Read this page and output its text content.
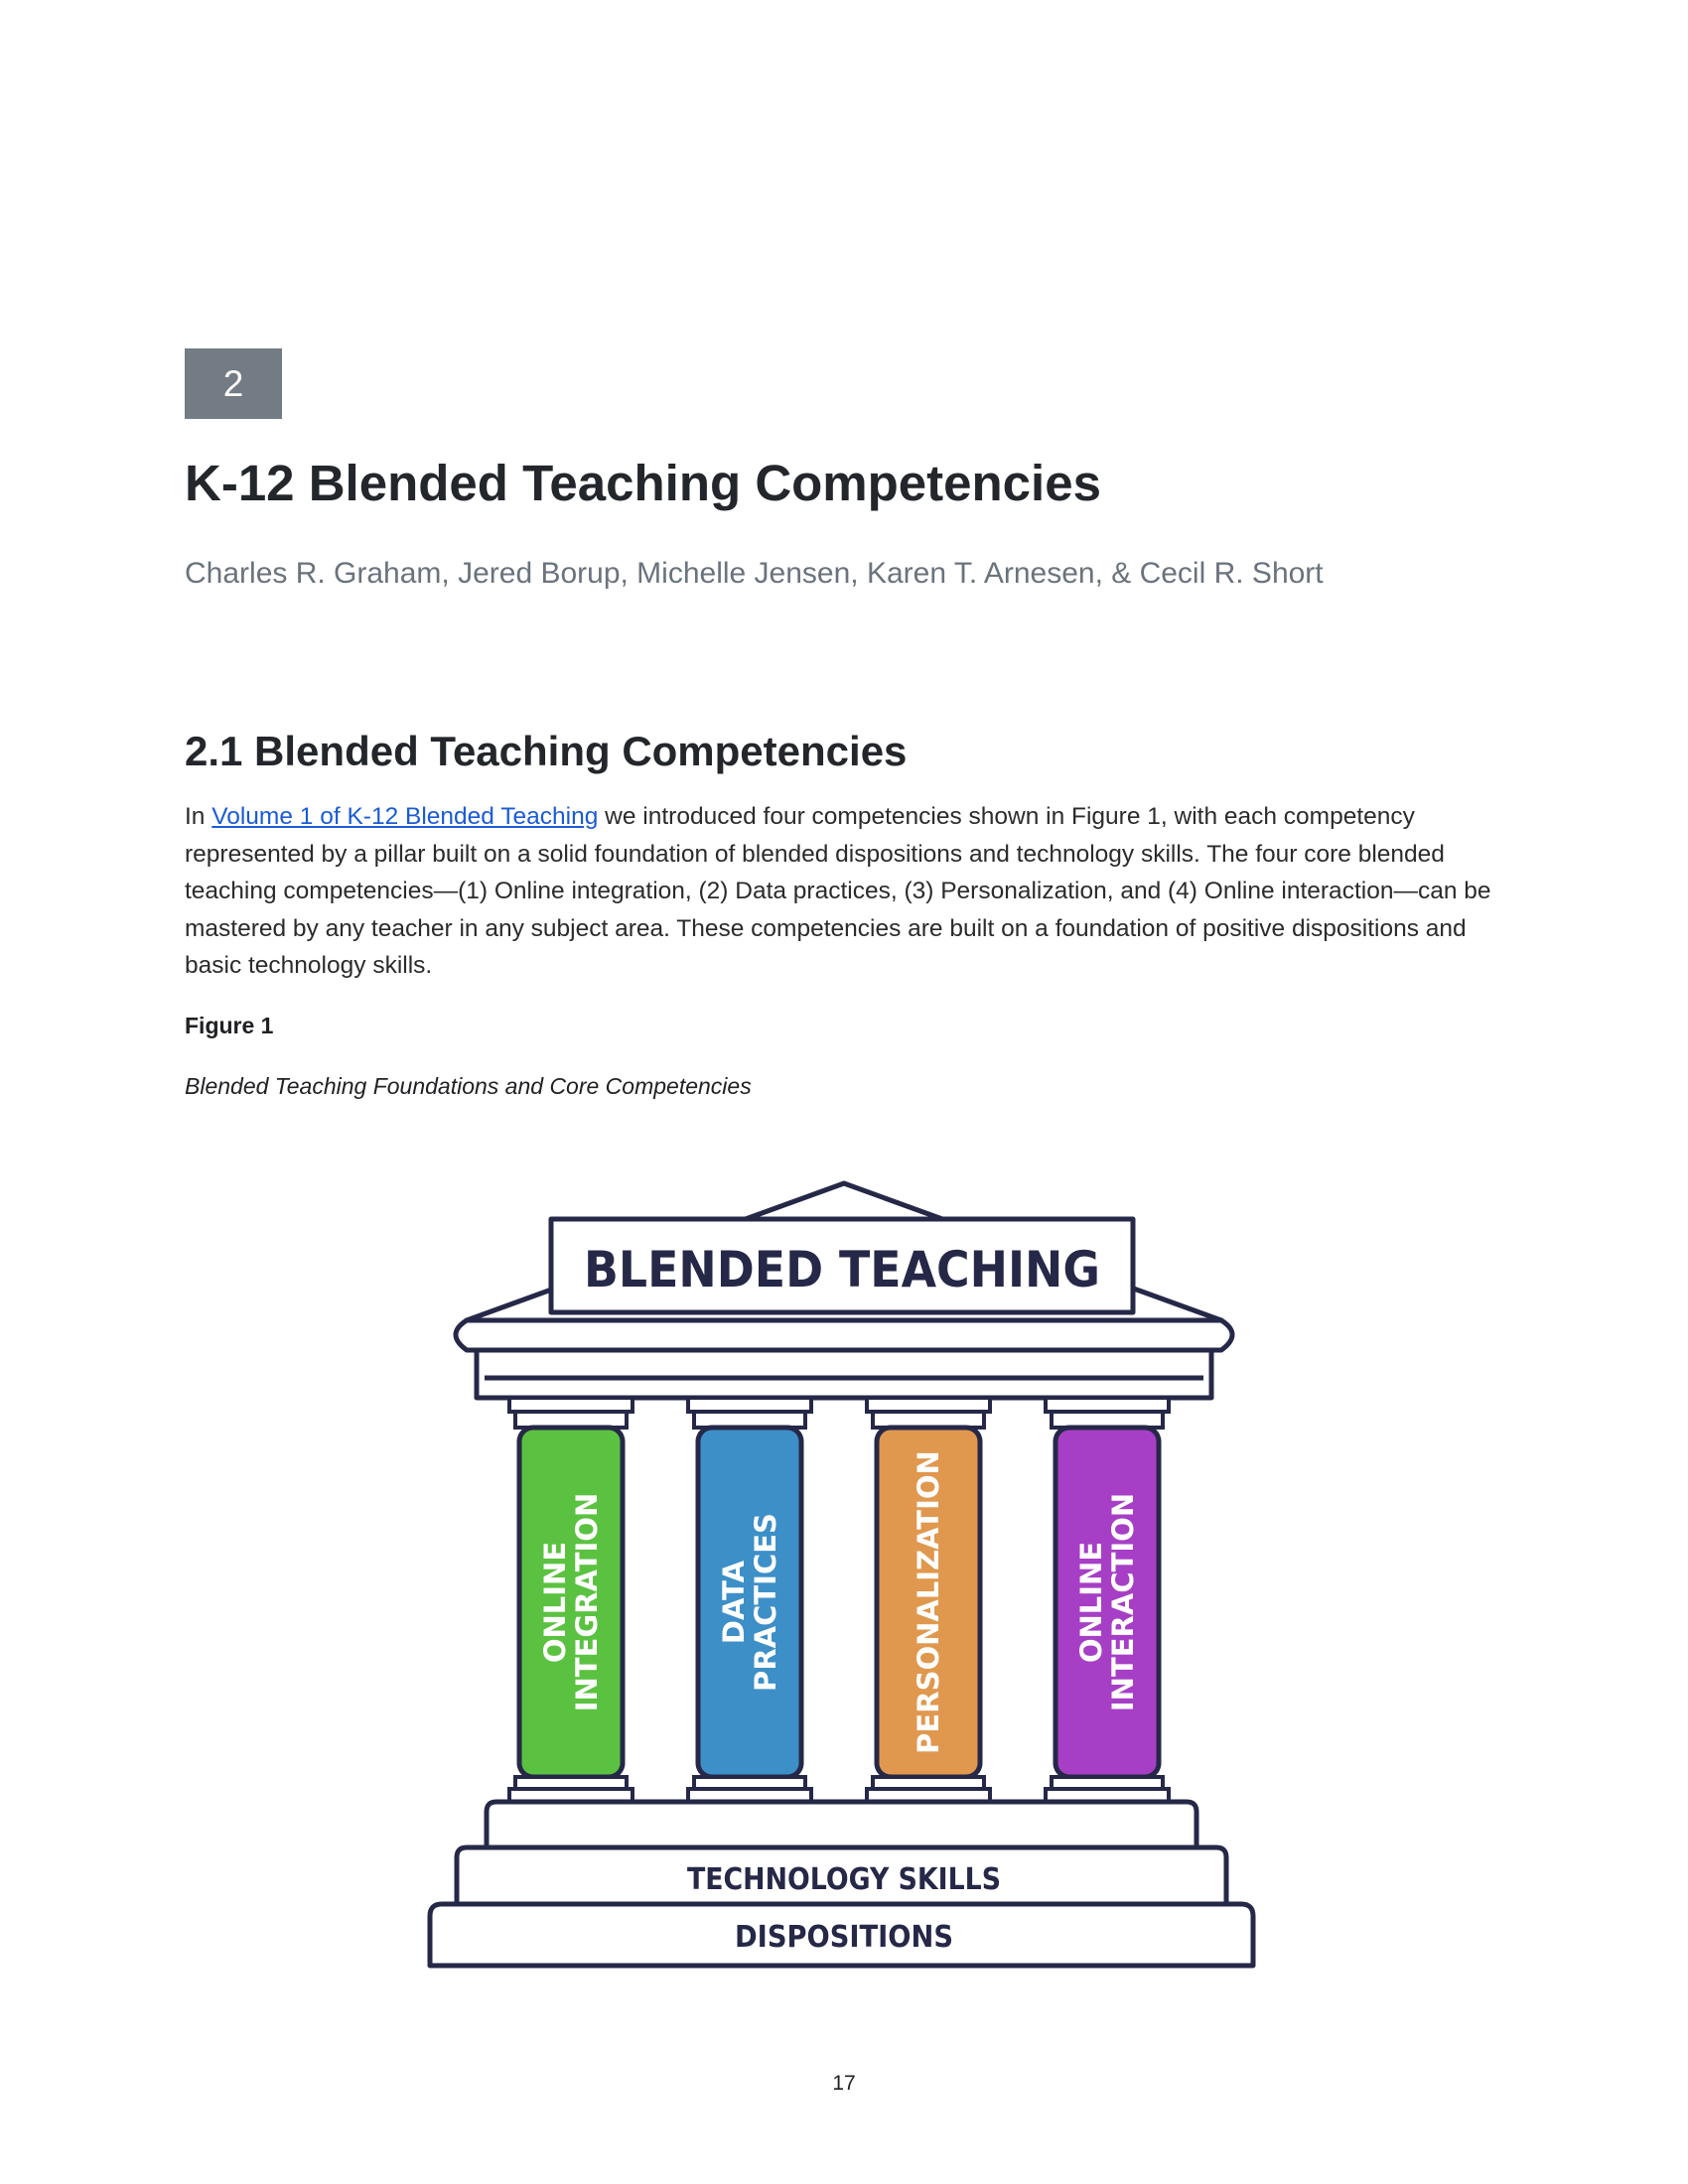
2
K-12 Blended Teaching Competencies

Charles R. Graham, Jered Borup, Michelle Jensen, Karen T. Arnesen, & Cecil R. Short

2.1 Blended Teaching Competencies

In Volume 1 of K-12 Blended Teaching we introduced four competencies shown in Figure 1, with each competency represented by a pillar built on a solid foundation of blended dispositions and technology skills. The four core blended teaching competencies—(1) Online integration, (2) Data practices, (3) Personalization, and (4) Online interaction—can be mastered by any teacher in any subject area. These competencies are built on a foundation of positive dispositions and basic technology skills.

Figure 1

Blended Teaching Foundations and Core Competencies

BLENDED TEACHING
ONLINEINTEGRATION	DATAPRACTICES	PERSONALIZATION	ONLINEINTERACTION
TECHNOLOGY SKILLS
DISPOSITIONS
17
